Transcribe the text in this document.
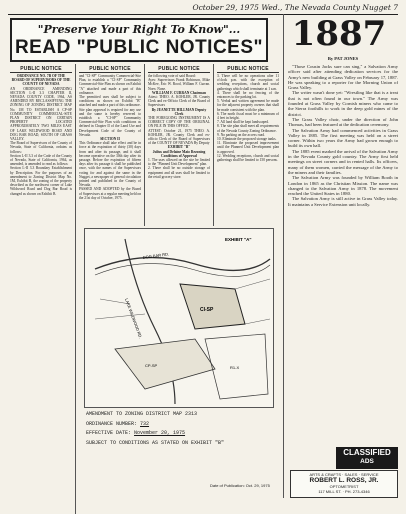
October 29, 1975 Wed., The Nevada County Nugget 7
"Preserve Your Right To Know"...
READ "PUBLIC NOTICES" 1887
PUBLIC NOTICE
ORDINANCE NO. 7B OF THE BOARD OF SUPERVISORS OF THE COUNTY OF NEVADA
AN ORDINANCE AMENDING SECTION L-II 3.3 CHAPTER II, NEVADA COUNTY CODE, 1964, AS AMENDED BY RECLASSIFYING THE ZONING OF ZONING DISTRICT MAP No. 1M TO ESTABLISH A CP-SP COMMUNITY COMMERCIAL-SITE PLAN DISTRICT ON CERTAIN PROPERTY LOCATED APPROXIMATELY TWO MILES EAST OF LAKE WILDWOOD ROAD AND DOG BAR ROAD, SOUTH OF GRASS VALLEY.
The Board of Supervisors of the County of Nevada, State of California, ordains as follows:
Section L-II 3.3 of the Code of the County of Nevada, State of California, 1964, as amended, is amended to read as follows:
Section L-II 3.3 Boundary Establishment by Description. For the purposes of an amendment to Zoning District Map No. 1M, Exhibit B, the zoning of the property described as the northwest corner of Lake Wildwood Road and Dog Bar Road is changed as shown on Exhibit B.
PUBLIC NOTICE
and "CI-SP" Community Commercial-Site Plan, to establish a "CI-SP" Community Commercial-Site Plan as shown on Exhibit "A" attached and made a part of this ordinance.
The permitted uses shall be subject to conditions as shown on Exhibit "B" attached and made a part of this ordinance.
Site plan approval is required for any use and the same is hereby reserved to establish a "CI-SP" Community Commercial-Site Plan with conditions as defined in Chapter II of the Land Use and Development Code of the County of Nevada.
SECTION II
This Ordinance shall take effect and be in force at the expiration of thirty (30) days from and after its passage, and it shall become operative on the 30th day after its passage. Before the expiration of fifteen days after its passage it shall be published once, with the names of the Supervisors voting for and against the same in the Nugget, a newspaper of general circulation printed and published in the County of Nevada.
PASSED AND ADOPTED by the Board of Supervisors at a regular meeting held on the 21st day of October, 1975.
PUBLIC NOTICE
the following vote of said Board:
Ayes: Supervisors Frank Robinson, Mike McKee, Eric W. Rood, William F. Curran. Noes: None.
WILLIAM F. CURRAN Chairman
Attest: THEO. A. KOHLER, JR. County Clerk and ex-Officio Clerk of the Board of Supervisors
By JEANETTE HILLMAN Deputy Clerk
THE FOREGOING INSTRUMENT IS A CORRECT COPY OF THE ORIGINAL ON FILE IN THIS OFFICE.
ATTEST: October 21, 1975 THEO. A. KOHLER, JR. County Clerk and ex-officio Clerk of the Board of Supervisors of the COUNTY OF NEVADA By Deputy
EXHIBIT "B"
Julius and Delaine Maio Rezoning Conditions of Approval
1. The uses allowed on the site be limited to the "Planned Unit Development" plan.
2. There shall be no outside storage of equipment and all uses shall be limited to the retail grocery store.
PUBLIC NOTICE
3. There will be no operations after 11 o'clock p.m. with the exception of wedding receptions, church and social gatherings which shall terminate at 1 a.m.
4. There shall be no fencing of the entrances to the parking lot.
5. Verbal and written agreement be made for the adjacent property owners that shall be made consistent with the plan.
6. The north fiscal must be a minimum of 4 feet in height.
7. All land shall be kept landscaped.
8. The site plan shall meet all requirements of the Nevada County Zoning Ordinance.
9. No parking on the access road.
10. Eliminate the proposed storage tanks.
11. Eliminate the proposed improvement until the Planned Unit Development plan is approved.
12. Wedding receptions, church and social gatherings shall be limited to 150 persons.
By PAT JONES
"Those Cousin Jacks sure can sing," a Salvation Army officer said after attending dedication services for the Army's new building at Grass Valley on February 17, 1887. He was speaking to a reporter for the Morning Union of Grass Valley.
The writer wasn't done yet: "Wrestling like that is a treat that is not often found in our town." The Army was founded at Grass Valley by Cornish miners who came to the Sierra foothills to work in the deep gold mines of the district.
The Grass Valley choir, under the direction of John Thomas, had been featured at the dedication ceremony.
The Salvation Army had commenced activities in Grass Valley in 1885. The first meeting was held on a street corner. Within two years the Army had grown enough to build its own hall.
The 1885 event marked the arrival of the Salvation Army in the Nevada County gold country. The Army first held meetings on street corners and in rented halls. Its officers, many of them women, carried the message of the Army to the miners and their families.
The Salvation Army was founded by William Booth in London in 1865 as the Christian Mission. The name was changed to the Salvation Army in 1878. The movement reached the United States in 1880.
The Salvation Army is still active in Grass Valley today. It maintains a Service Extension unit locally.
EXHIBIT "A"
DOG BAR RD.
LAKE WILDWOOD RD.	CI-SP
CP-SP	R1-X
AMENDMENT TO ZONING DISTRICT MAP 2313
ORDINANCE NUMBER: 732
EFFECTIVE DATE: November 20, 1975
SUBJECT TO CONDITIONS AS STATED ON EXHIBIT "B"
Date of Publication: Oct. 29, 1975
CLASSIFIED
ADS
ARTS & CRAFTS · SALES · SERVICE
ROBERT L. ROSS, JR.
OPTOMETRIST
117 MILL ST. · PH. 273-4346
